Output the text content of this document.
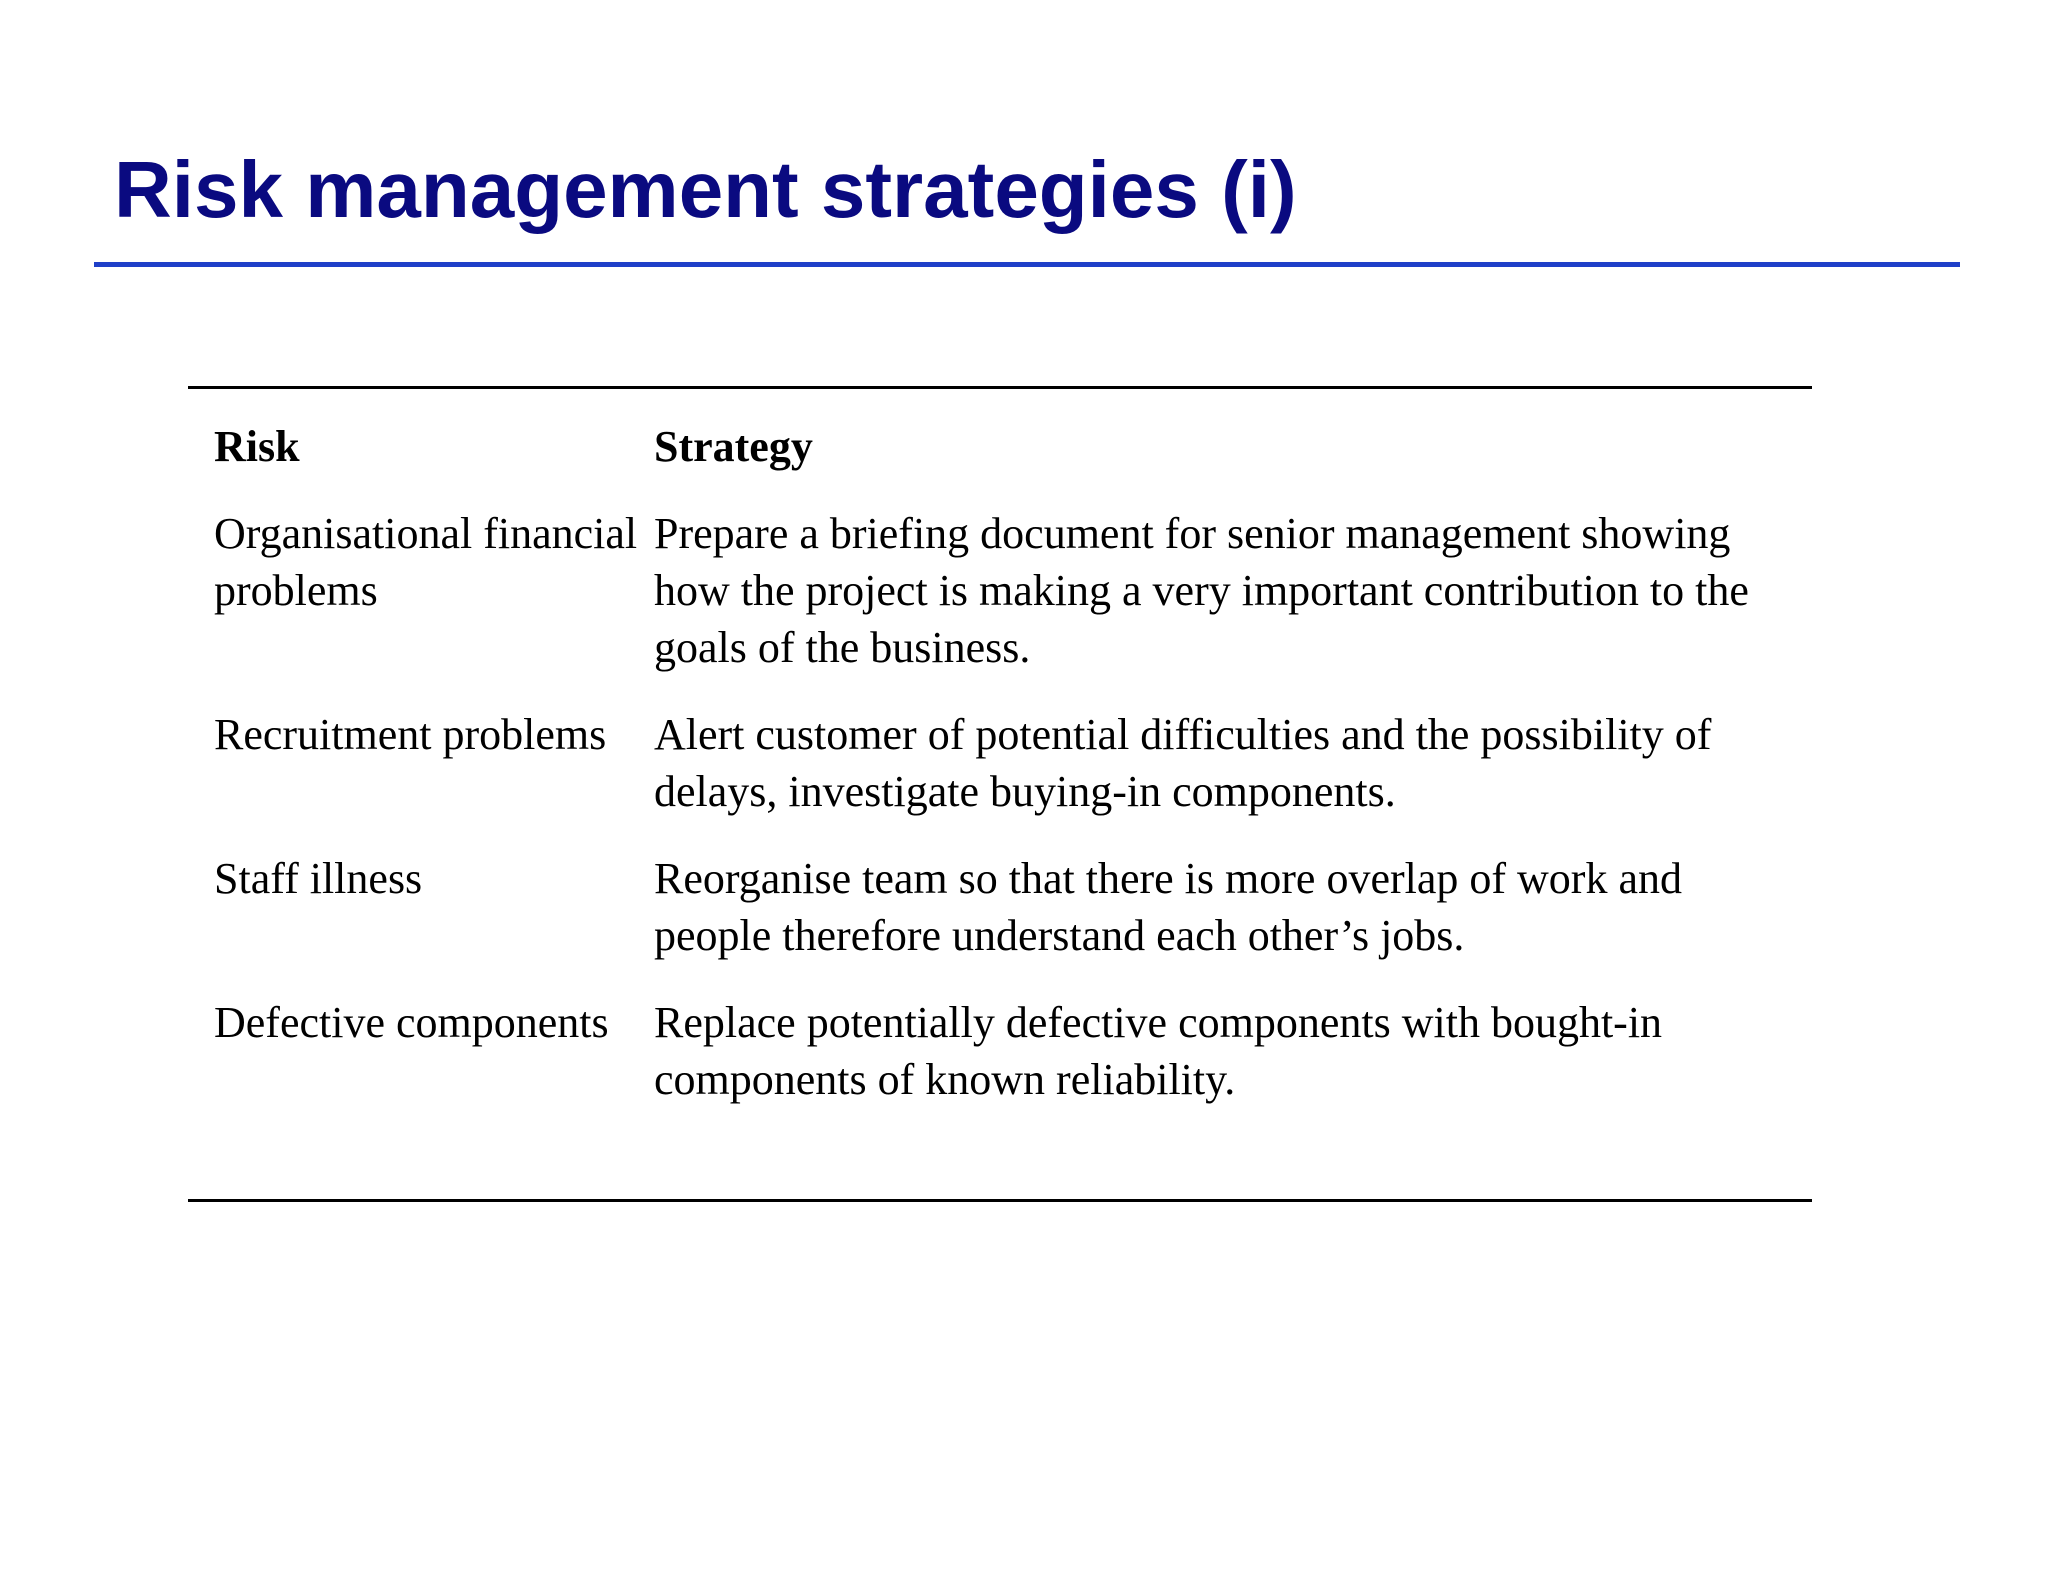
Risk management strategies (i)
Risk	Strategy
Organisational financial problems	Prepare a briefing document for senior management showing how the project is making a very important contribution to the goals of the business.
Recruitment problems	Alert customer of potential difficulties and the possibility of delays, investigate buying-in components.
Staff illness	Reorganise team so that there is more overlap of work and people therefore understand each other’s jobs.
Defective components	Replace potentially defective components with bought-in components of known reliability.
